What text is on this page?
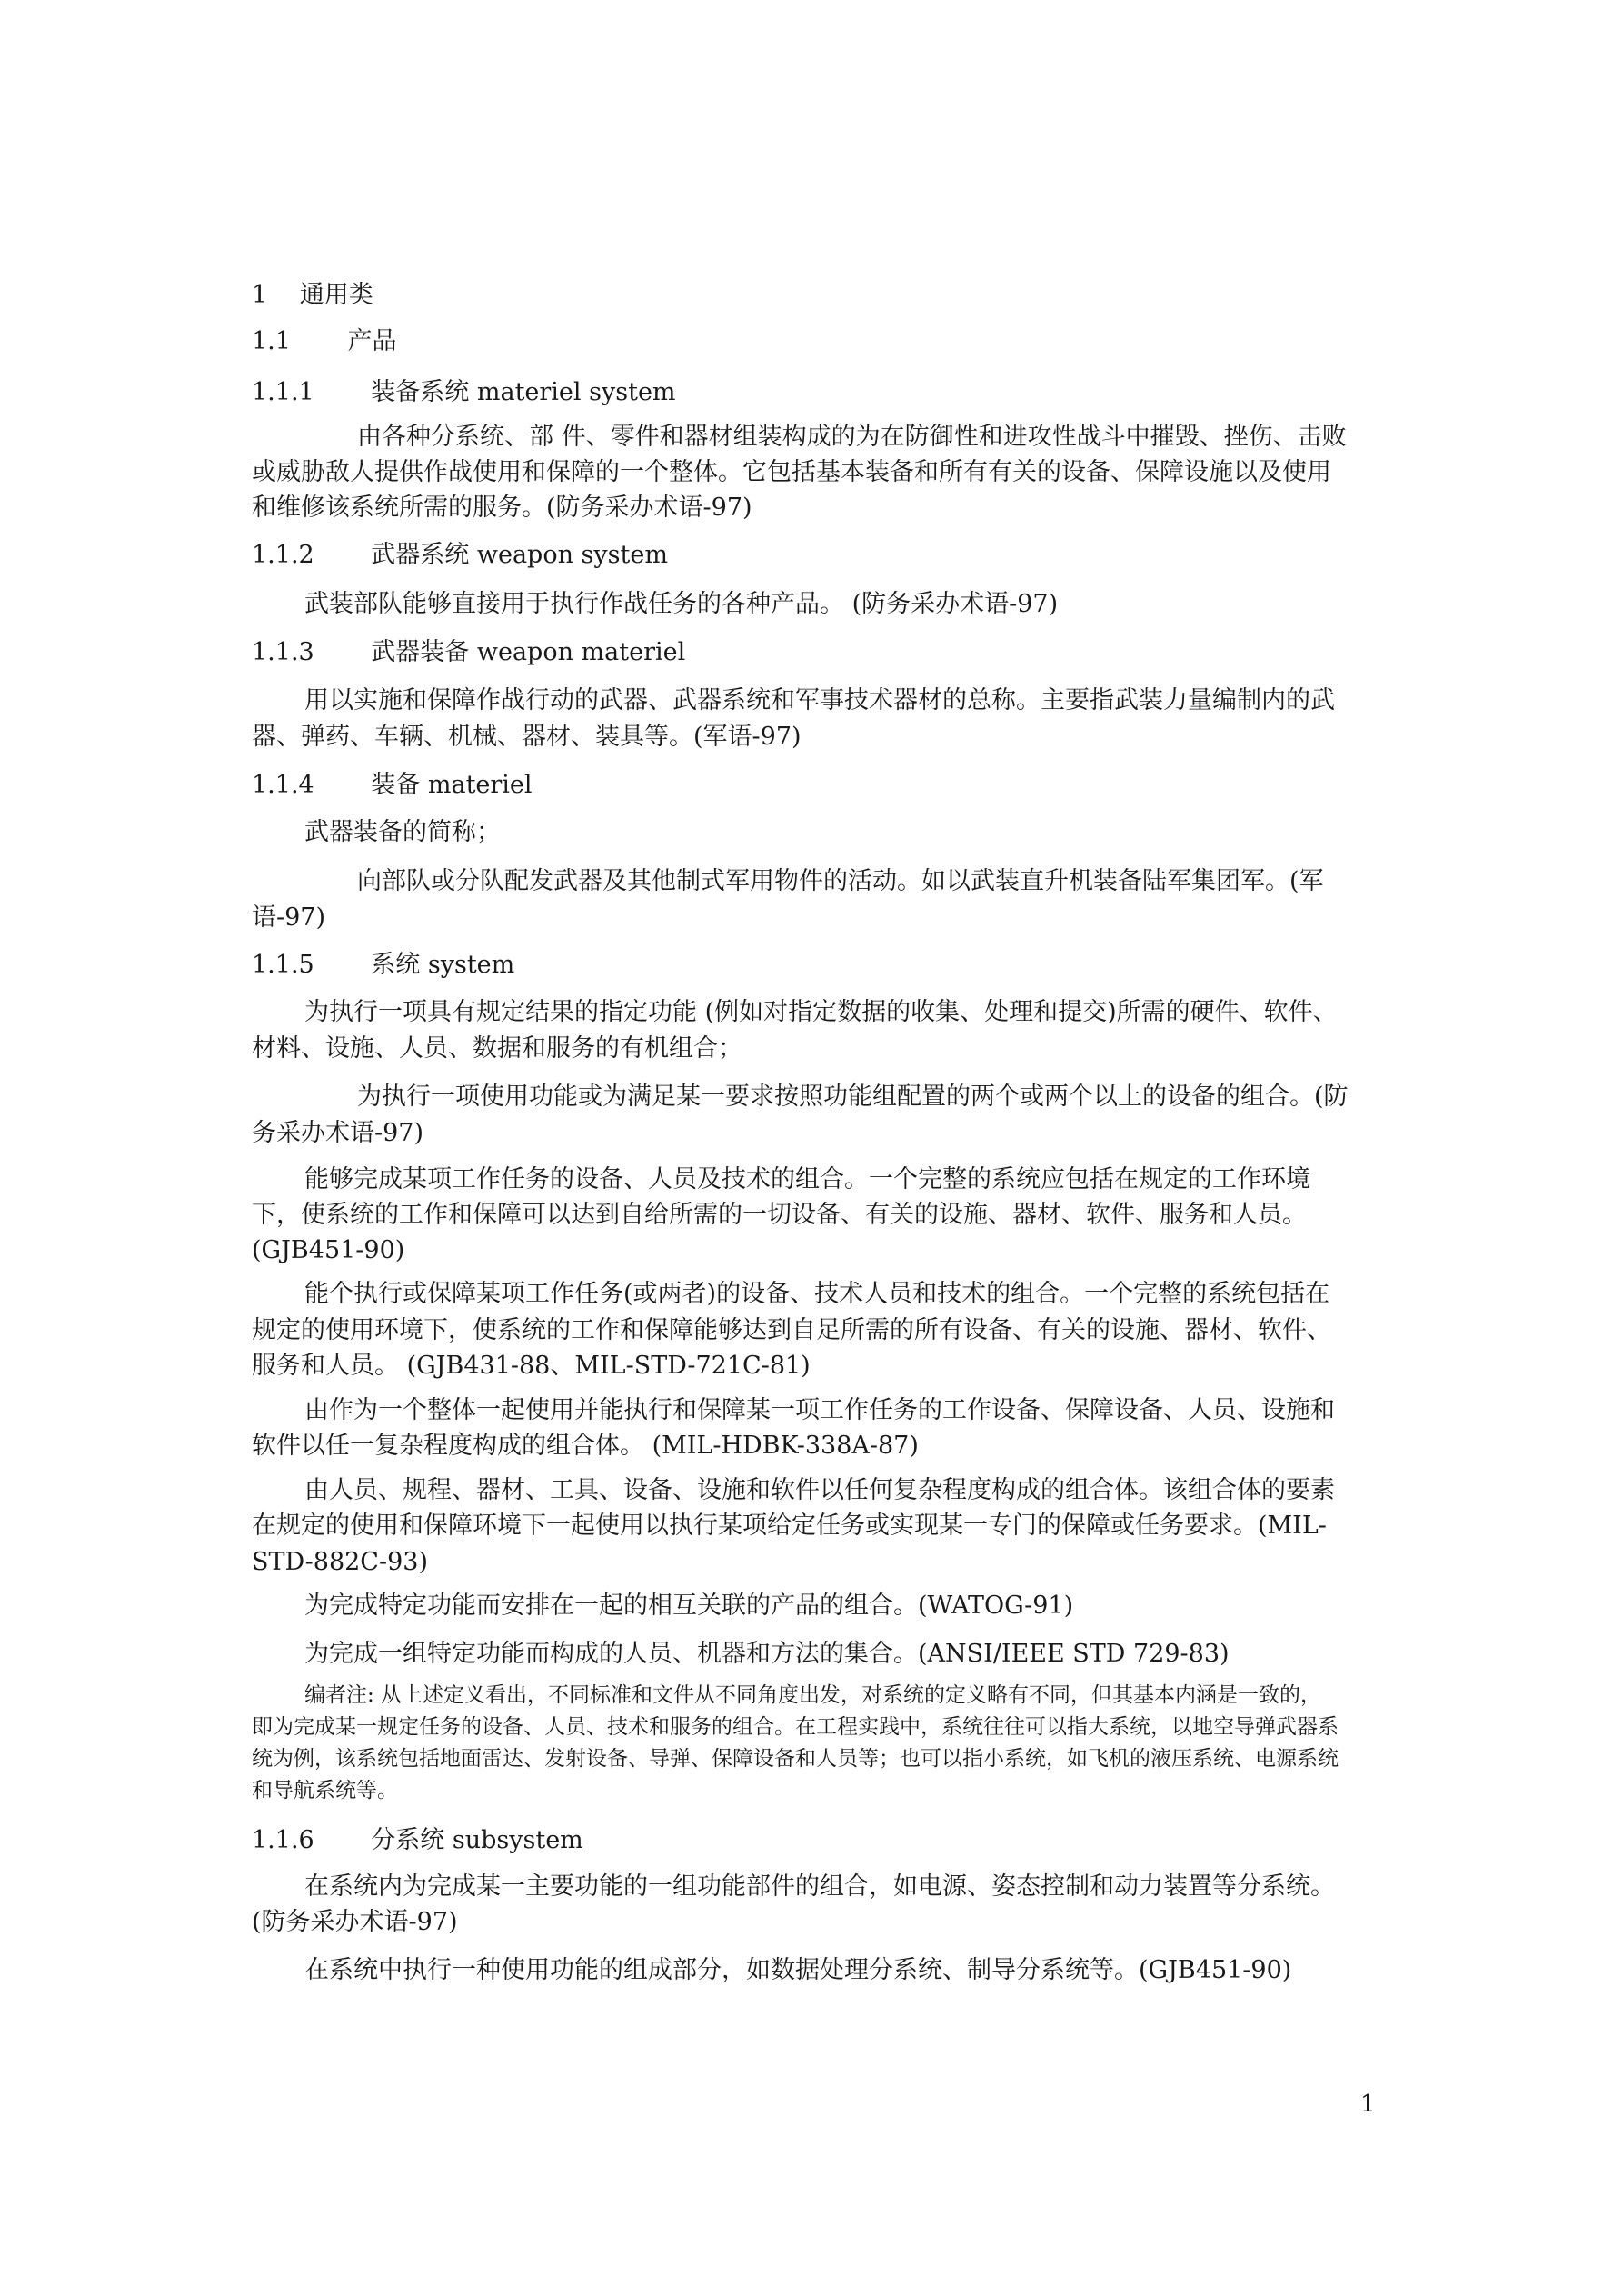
1 　通用类
1.1 　　产品
1.1.1 　　装备系统 materiel system
由各种分系统、部 件、零件和器材组装构成的为在防御性和进攻性战斗中摧毁、挫伤、击败
或威胁敌人提供作战使用和保障的一个整体。它包括基本装备和所有有关的设备、保障设施以及使用
和维修该系统所需的服务。(防务采办术语-97)
1.1.2 　　武器系统 weapon system
武装部队能够直接用于执行作战任务的各种产品。 (防务采办术语-97)
1.1.3 　　武器装备 weapon materiel
用以实施和保障作战行动的武器、武器系统和军事技术器材的总称。主要指武装力量编制内的武
器、弹药、车辆、机械、器材、装具等。(军语-97)
1.1.4 　　装备 materiel
武器装备的简称；
向部队或分队配发武器及其他制式军用物件的活动。如以武装直升机装备陆军集团军。(军
语-97)
1.1.5 　　系统 system
为执行一项具有规定结果的指定功能 (例如对指定数据的收集、处理和提交)所需的硬件、软件、
材料、设施、人员、数据和服务的有机组合；
为执行一项使用功能或为满足某一要求按照功能组配置的两个或两个以上的设备的组合。(防
务采办术语-97)
能够完成某项工作任务的设备、人员及技术的组合。一个完整的系统应包括在规定的工作环境
下，使系统的工作和保障可以达到自给所需的一切设备、有关的设施、器材、软件、服务和人员。
(GJB451-90)
能个执行或保障某项工作任务(或两者)的设备、技术人员和技术的组合。一个完整的系统包括在
规定的使用环境下，使系统的工作和保障能够达到自足所需的所有设备、有关的设施、器材、软件、
服务和人员。 (GJB431-88、MIL-STD-721C-81)
由作为一个整体一起使用并能执行和保障某一项工作任务的工作设备、保障设备、人员、设施和
软件以任一复杂程度构成的组合体。 (MIL-HDBK-338A-87)
由人员、规程、器材、工具、设备、设施和软件以任何复杂程度构成的组合体。该组合体的要素
在规定的使用和保障环境下一起使用以执行某项给定任务或实现某一专门的保障或任务要求。(MIL-
STD-882C-93)
为完成特定功能而安排在一起的相互关联的产品的组合。(WATOG-91)
为完成一组特定功能而构成的人员、机器和方法的集合。(ANSI/IEEE STD 729-83)
编者注: 从上述定义看出，不同标准和文件从不同角度出发，对系统的定义略有不同，但其基本内涵是一致的，
即为完成某一规定任务的设备、人员、技术和服务的组合。在工程实践中，系统往往可以指大系统，以地空导弹武器系
统为例，该系统包括地面雷达、发射设备、导弹、保障设备和人员等；也可以指小系统，如飞机的液压系统、电源系统
和导航系统等。
1.1.6 　　分系统 subsystem
在系统内为完成某一主要功能的一组功能部件的组合，如电源、姿态控制和动力装置等分系统。
(防务采办术语-97)
在系统中执行一种使用功能的组成部分，如数据处理分系统、制导分系统等。(GJB451-90)
1
